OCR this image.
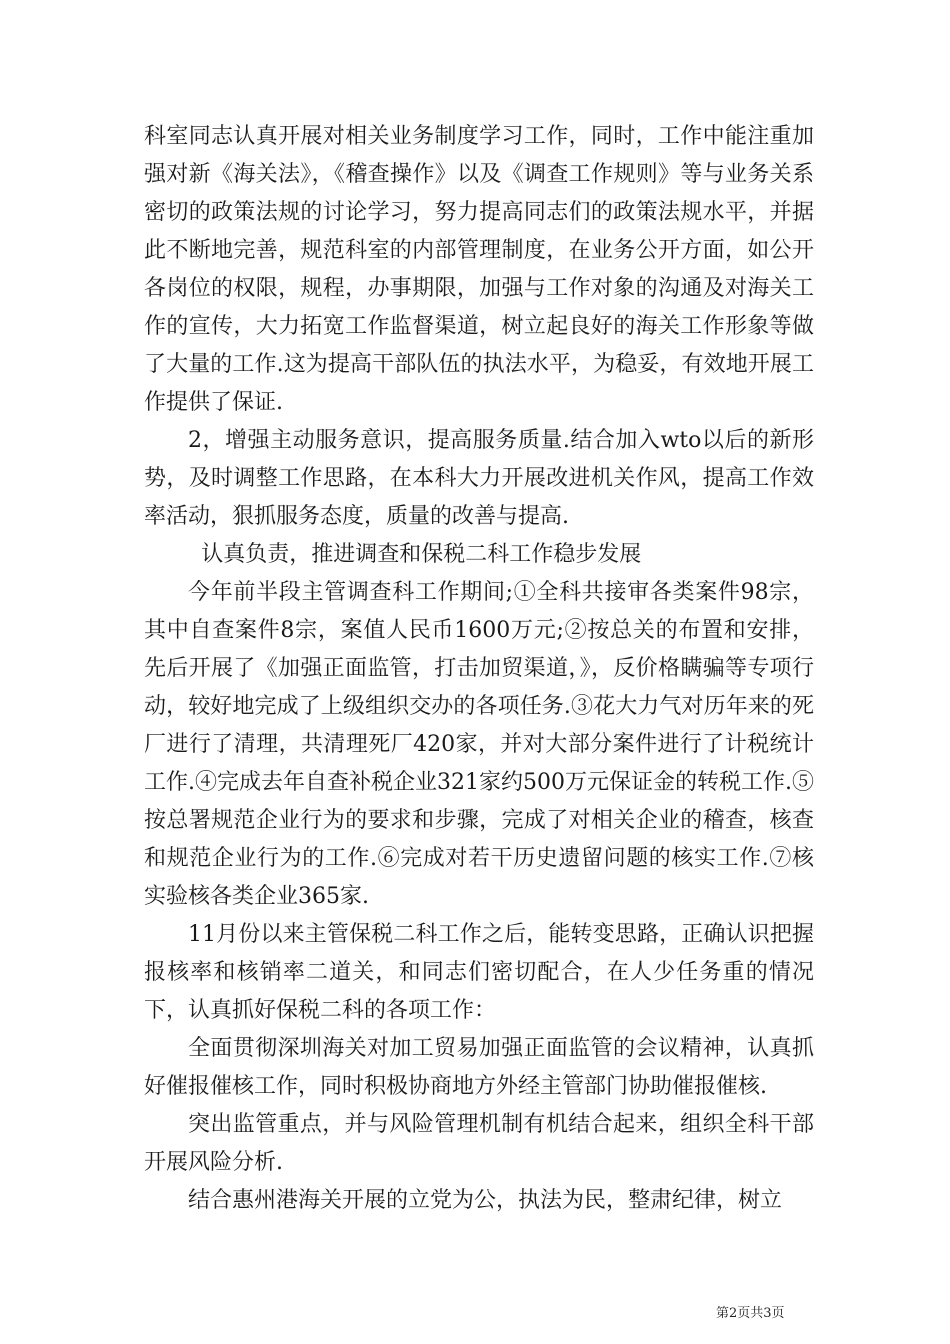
科室同志认真开展对相关业务制度学习工作，同时，工作中能注重加强对新《海关法》，《稽查操作》以及《调查工作规则》等与业务关系密切的政策法规的讨论学习，努力提高同志们的政策法规水平，并据此不断地完善，规范科室的内部管理制度，在业务公开方面，如公开各岗位的权限，规程，办事期限，加强与工作对象的沟通及对海关工作的宣传，大力拓宽工作监督渠道，树立起良好的海关工作形象等做了大量的工作.这为提高干部队伍的执法水平，为稳妥，有效地开展工作提供了保证.

2，增强主动服务意识，提高服务质量.结合加入wto以后的新形势，及时调整工作思路，在本科大力开展改进机关作风，提高工作效率活动，狠抓服务态度，质量的改善与提高.

认真负责，推进调查和保税二科工作稳步发展

今年前半段主管调查科工作期间;①全科共接审各类案件98宗，其中自查案件8宗，案值人民币1600万元;②按总关的布置和安排，先后开展了《加强正面监管，打击加贸渠道，》，反价格瞒骗等专项行动，较好地完成了上级组织交办的各项任务.③花大力气对历年来的死厂进行了清理，共清理死厂420家，并对大部分案件进行了计税统计工作.④完成去年自查补税企业321家约500万元保证金的转税工作.⑤按总署规范企业行为的要求和步骤，完成了对相关企业的稽查，核查和规范企业行为的工作.⑥完成对若干历史遗留问题的核实工作.⑦核实验核各类企业365家.

11月份以来主管保税二科工作之后，能转变思路，正确认识把握报核率和核销率二道关，和同志们密切配合，在人少任务重的情况下，认真抓好保税二科的各项工作：

全面贯彻深圳海关对加工贸易加强正面监管的会议精神，认真抓好催报催核工作，同时积极协商地方外经主管部门协助催报催核.

突出监管重点，并与风险管理机制有机结合起来，组织全科干部开展风险分析.

结合惠州港海关开展的立党为公，执法为民，整肃纪律，树立

第2页共3页
